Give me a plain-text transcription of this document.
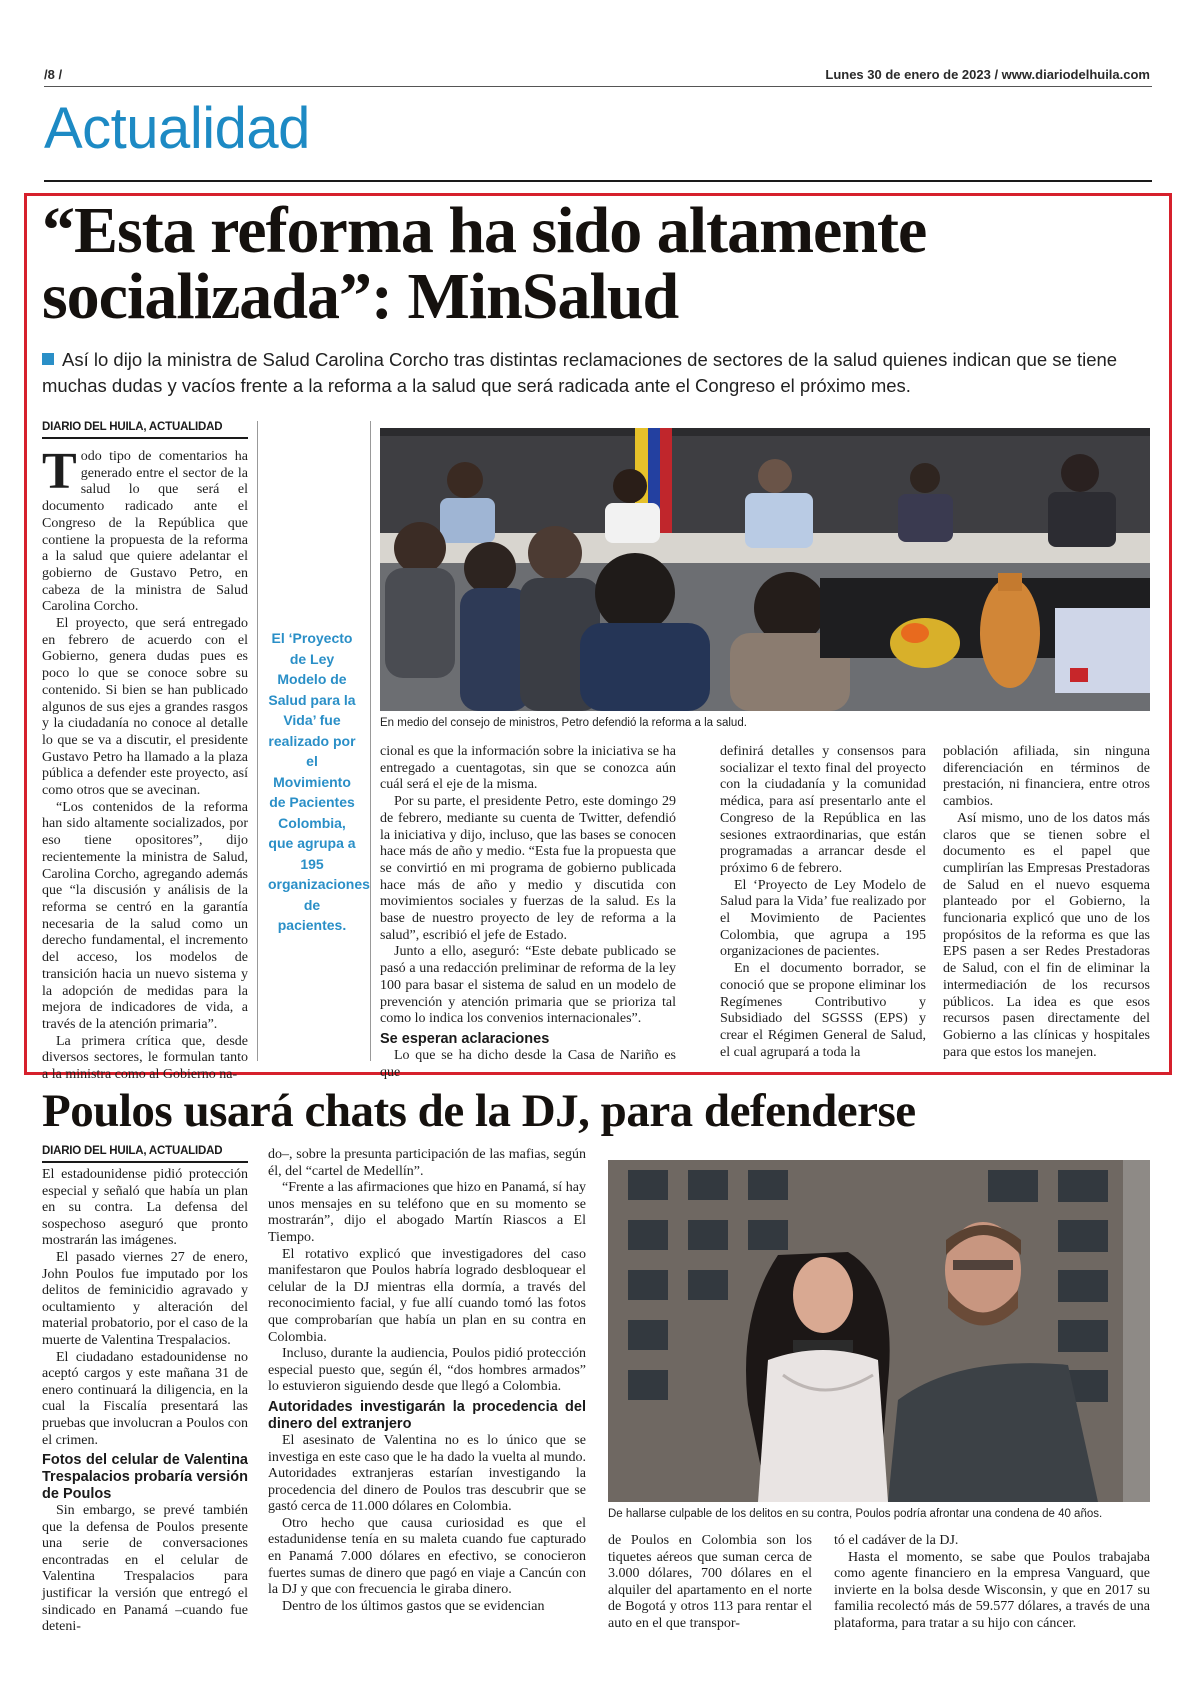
/8 /	Lunes 30 de enero de 2023 / www.diariodelhuila.com
Actualidad
“Esta reforma ha sido altamente socializada”: MinSalud
Así lo dijo la ministra de Salud Carolina Corcho tras distintas reclamaciones de sectores de la salud quienes indican que se tiene muchas dudas y vacíos frente a la reforma a la salud que será radicada ante el Congreso el próximo mes.
DIARIO DEL HUILA, ACTUALIDAD

Todo tipo de comentarios ha generado entre el sector de la salud lo que será el documento radicado ante el Congreso de la República que contiene la propuesta de la reforma a la salud que quiere adelantar el gobierno de Gustavo Petro, en cabeza de la ministra de Salud Carolina Corcho.

El proyecto, que será entregado en febrero de acuerdo con el Gobierno, genera dudas pues es poco lo que se conoce sobre su contenido. Si bien se han publicado algunos de sus ejes a grandes rasgos y la ciudadanía no conoce al detalle lo que se va a discutir, el presidente Gustavo Petro ha llamado a la plaza pública a defender este proyecto, así como otros que se avecinan.

“Los contenidos de la reforma han sido altamente socializados, por eso tiene opositores”, dijo recientemente la ministra de Salud, Carolina Corcho, agregando además que “la discusión y análisis de la reforma se centró en la garantía necesaria de la salud como un derecho fundamental, el incremento del acceso, los modelos de transición hacia un nuevo sistema y la adopción de medidas para la mejora de indicadores de vida, a través de la atención primaria”.

La primera crítica que, desde diversos sectores, le formulan tanto a la ministra como al Gobierno na-

El ‘Proyecto de Ley Modelo de Salud para la Vida’ fue realizado por el Movimiento de Pacientes Colombia, que agrupa a 195 organizaciones de pacientes.
En medio del consejo de ministros, Petro defendió la reforma a la salud.

cional es que la información sobre la iniciativa se ha entregado a cuentagotas, sin que se conozca aún cuál será el eje de la misma.

Por su parte, el presidente Petro, este domingo 29 de febrero, mediante su cuenta de Twitter, defendió la iniciativa y dijo, incluso, que las bases se conocen hace más de año y medio. “Esta fue la propuesta que se convirtió en mi programa de gobierno publicada hace más de año y medio y discutida con movimientos sociales y fuerzas de la salud. Es la base de nuestro proyecto de ley de reforma a la salud”, escribió el jefe de Estado.

Junto a ello, aseguró: “Este debate publicado se pasó a una redacción preliminar de reforma de la ley 100 para basar el sistema de salud en un modelo de prevención y atención primaria que se prioriza tal como lo indica los convenios internacionales”.

Se esperan aclaraciones

Lo que se ha dicho desde la Casa de Nariño es que

definirá detalles y consensos para socializar el texto final del proyecto con la ciudadanía y la comunidad médica, para así presentarlo ante el Congreso de la República en las sesiones extraordinarias, que están programadas a arrancar desde el próximo 6 de febrero.

El ‘Proyecto de Ley Modelo de Salud para la Vida’ fue realizado por el Movimiento de Pacientes Colombia, que agrupa a 195 organizaciones de pacientes.

En el documento borrador, se conoció que se propone eliminar los Regímenes Contributivo y Subsidiado del SGSSS (EPS) y crear el Régimen General de Salud, el cual agrupará a toda la

población afiliada, sin ninguna diferenciación en términos de prestación, ni financiera, entre otros cambios.

Así mismo, uno de los datos más claros que se tienen sobre el documento es el papel que cumplirían las Empresas Prestadoras de Salud en el nuevo esquema planteado por el Gobierno, la funcionaria explicó que uno de los propósitos de la reforma es que las EPS pasen a ser Redes Prestadoras de Salud, con el fin de eliminar la intermediación de los recursos públicos. La idea es que esos recursos pasen directamente del Gobierno a las clínicas y hospitales para que estos los manejen.

Poulos usará chats de la DJ, para defenderse
DIARIO DEL HUILA, ACTUALIDAD

El estadounidense pidió protección especial y señaló que había un plan en su contra. La defensa del sospechoso aseguró que pronto mostrarán las imágenes.

El pasado viernes 27 de enero, John Poulos fue imputado por los delitos de feminicidio agravado y ocultamiento y alteración del material probatorio, por el caso de la muerte de Valentina Trespalacios.

El ciudadano estadounidense no aceptó cargos y este mañana 31 de enero continuará la diligencia, en la cual la Fiscalía presentará las pruebas que involucran a Poulos con el crimen.

Fotos del celular de Valentina Trespalacios probaría versión de Poulos

Sin embargo, se prevé también que la defensa de Poulos presente una serie de conversaciones encontradas en el celular de Valentina Trespalacios para justificar la versión que entregó el sindicado en Panamá –cuando fue deteni-

do–, sobre la presunta participación de las mafias, según él, del “cartel de Medellín”.

“Frente a las afirmaciones que hizo en Panamá, sí hay unos mensajes en su teléfono que en su momento se mostrarán”, dijo el abogado Martín Riascos a El Tiempo.

El rotativo explicó que investigadores del caso manifestaron que Poulos habría logrado desbloquear el celular de la DJ mientras ella dormía, a través del reconocimiento facial, y fue allí cuando tomó las fotos que comprobarían que había un plan en su contra en Colombia.

Incluso, durante la audiencia, Poulos pidió protección especial puesto que, según él, “dos hombres armados” lo estuvieron siguiendo desde que llegó a Colombia.

Autoridades investigarán la procedencia del dinero del extranjero

El asesinato de Valentina no es lo único que se investiga en este caso que le ha dado la vuelta al mundo. Autoridades extranjeras estarían investigando la procedencia del dinero de Poulos tras descubrir que se gastó cerca de 11.000 dólares en Colombia.

Otro hecho que causa curiosidad es que el estadunidense tenía en su maleta cuando fue capturado en Panamá 7.000 dólares en efectivo, se conocieron fuertes sumas de dinero que pagó en viaje a Cancún con la DJ y que con frecuencia le giraba dinero.

Dentro de los últimos gastos que se evidencian

De hallarse culpable de los delitos en su contra, Poulos podría afrontar una condena de 40 años.

de Poulos en Colombia son los tiquetes aéreos que suman cerca de 3.000 dólares, 700 dólares en el alquiler del apartamento en el norte de Bogotá y otros 113 para rentar el auto en el que transpor-

tó el cadáver de la DJ.

Hasta el momento, se sabe que Poulos trabajaba como agente financiero en la empresa Vanguard, que invierte en la bolsa desde Wisconsin, y que en 2017 su familia recolectó más de 59.577 dólares, a través de una plataforma, para tratar a su hijo con cáncer.
